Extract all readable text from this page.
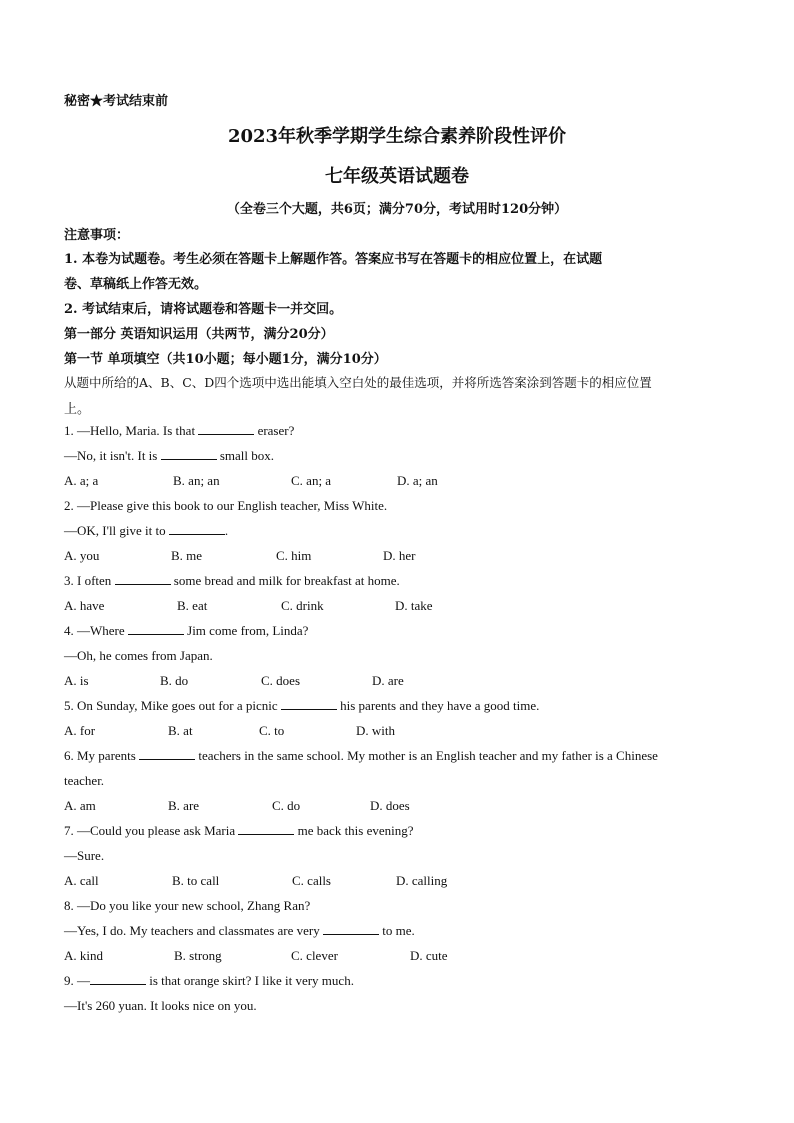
秘密★考试结束前
2023年秋季学期学生综合素养阶段性评价
七年级英语试题卷
（全卷三个大题，共6页；满分70分，考试用时120分钟）
注意事项：
1. 本卷为试题卷。考生必须在答题卡上解题作答。答案应书写在答题卡的相应位置上，在试题
卷、草稿纸上作答无效。
2. 考试结束后，请将试题卷和答题卡一并交回。
第一部分 英语知识运用（共两节，满分20分）
第一节 单项填空（共10小题；每小题1分，满分10分）
从题中所给的A、B、C、D四个选项中选出能填入空白处的最佳选项，并将所选答案涂到答题卡的相应位置
上。
1. —Hello, Maria. Is that	eraser?
—No, it isn't. It is	small box.
A. a; a	B. an; an	C. an; a	D. a; an
2. —Please give this book to our English teacher, Miss White.
—OK, I'll give it to	.
A. you	B. me	C. him	D. her
3. I often	some bread and milk for breakfast at home.
A. have	B. eat	C. drink	D. take
4. —Where	Jim come from, Linda?
—Oh, he comes from Japan.
A. is	B. do	C. does	D. are
5. On Sunday, Mike goes out for a picnic	his parents and they have a good time.
A. for	B. at	C. to	D. with
6. My parents	teachers in the same school. My mother is an English teacher and my father is a Chinese
teacher.
A. am	B. are	C. do	D. does
7. —Could you please ask Maria	me back this evening?
—Sure.
A. call	B. to call	C. calls	D. calling
8. —Do you like your new school, Zhang Ran?
—Yes, I do. My teachers and classmates are very	to me.
A. kind	B. strong	C. clever	D. cute
9. —	is that orange skirt? I like it very much.
—It's 260 yuan. It looks nice on you.
